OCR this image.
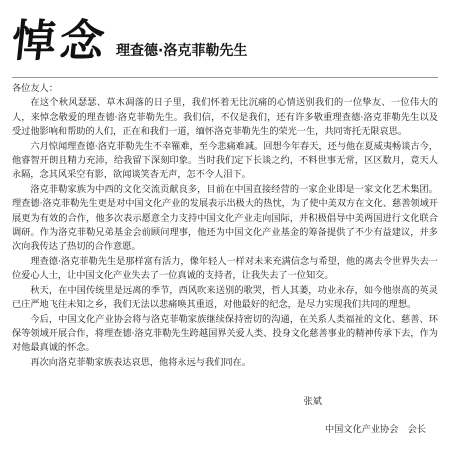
悼
念 理查德·洛克菲勒先生

各位友人：

在这个秋风瑟瑟、草木凋落的日子里，我们怀着无比沉痛的心情送别我们的一位挚友、一位伟大的人，来悼念敬爱的理查德·洛克菲勒先生。我们信，不仅是我们，还有许多敬重理查德·洛克菲勒先生以及受过他影响和帮助的人们，正在和我们一道，缅怀洛克菲勒先生的荣光一生，共同寄托无限哀思。

六月惊闻理查德·洛克菲勒先生不幸罹难，至今悲痛难减。回想今年春天，还与他在夏威夷畅谈古今，他睿智开朗且精力充沛，给我留下深刻印象。当时我们定下长谈之约，不料世事无常，区区数月，竟天人永隔，念其风采空有影，欲闻谈笑杳无声，怎不令人泪下。

洛克菲勒家族为中西的文化交流贡献良多，目前在中国直接经营的一家企业即是一家文化艺术集团。理查德·洛克菲勒先生更是对中国文化产业的发展表示出极大的热忱，为了使中美双方在文化、慈善领域开展更为有效的合作，他多次表示愿意全力支持中国文化产业走向国际，并积极倡导中美两国进行文化联合调研。作为洛克菲勒兄弟基金会前顾问理事，他还为中国文化产业基金的筹备提供了不少有益建议，并多次向我传达了热切的合作意愿。

理查德·洛克菲勒先生是那样富有活力，像年轻人一样对未来充满信念与希望，他的离去令世界失去一位爱心人士，让中国文化产业失去了一位真诚的支持者，让我失去了一位知交。

秋天，在中国传统里是远离的季节，西风吹来送别的歌哭，哲人其萎，功业永存，如今他崇高的英灵已庄严地飞往未知之乡，我们无法以悲痛唤其重返，对他最好的纪念，是尽力实现我们共同的理想。

今后，中国文化产业协会将与洛克菲勒家族继续保持密切的沟通，在关系人类福祉的文化、慈善、环保等领域开展合作，将理查德·洛克菲勒先生跨越国界关爱人类、投身文化慈善事业的精神传承下去，作为对他最真诚的怀念。

再次向洛克菲勒家族表达哀思，他将永远与我们同在。

张斌
中国文化产业协会　会长
